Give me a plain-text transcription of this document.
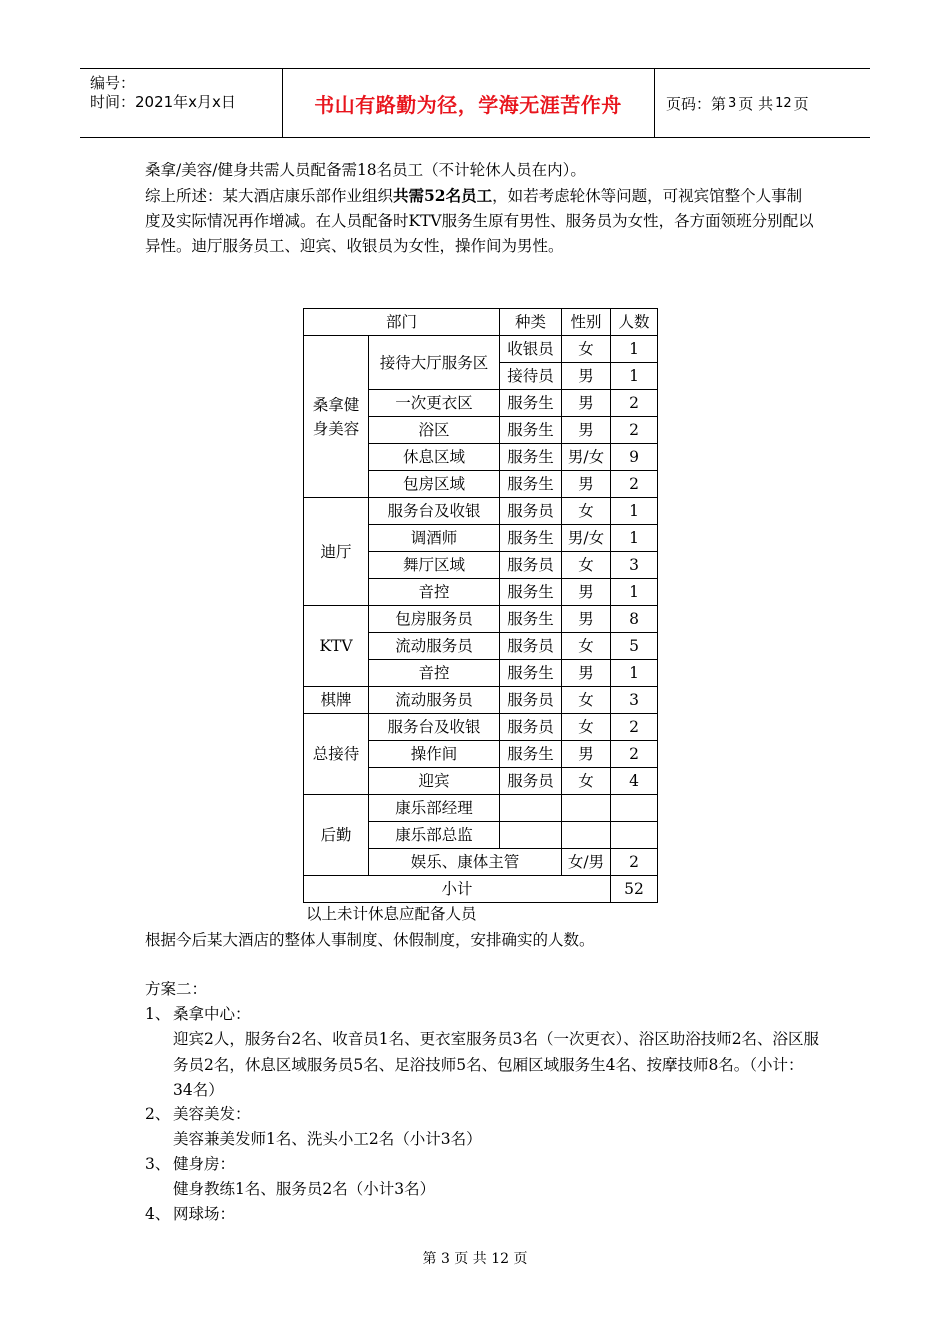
编号：
时间：2021年x月x日	书山有路勤为径，学海无涯苦作舟	页码：第 3 页 共 12 页
桑拿/美容/健身共需人员配备需18名员工（不计轮休人员在内）。
综上所述：某大酒店康乐部作业组织共需52名员工，如若考虑轮休等问题，可视宾馆整个人事制度及实际情况再作增减。在人员配备时KTV服务生原有男性、服务员为女性，各方面领班分别配以异性。迪厅服务员工、迎宾、收银员为女性，操作间为男性。
部门		种类	性别	人数
桑拿健身美容	接待大厅服务区	收银员	女	1
		接待员	男	1
	一次更衣区	服务生	男	2
	浴区	服务生	男	2
	休息区域	服务生	男/女	9
	包房区域	服务生	男	2
迪厅	服务台及收银	服务员	女	1
	调酒师	服务生	男/女	1
	舞厅区域	服务员	女	3
	音控	服务生	男	1
KTV	包房服务员	服务生	男	8
	流动服务员	服务员	女	5
	音控	服务生	男	1
棋牌	流动服务员	服务员	女	3
总接待	服务台及收银	服务员	女	2
	操作间	服务生	男	2
	迎宾	服务员	女	4
后勤	康乐部经理			
	康乐部总监			
	娱乐、康体主管		女/男	2
小计				52
以上未计休息应配备人员
根据今后某大酒店的整体人事制度、休假制度，安排确实的人数。
方案二：
1、 桑拿中心：
迎宾2人，服务台2名、收音员1名、更衣室服务员3名（一次更衣）、浴区助浴技师2名、浴区服务员2名，休息区域服务员5名、足浴技师5名、包厢区域服务生4名、按摩技师8名。（小计：34名）
2、 美容美发：
美容兼美发师1名、洗头小工2名（小计3名）
3、 健身房：
健身教练1名、服务员2名（小计3名）
4、 网球场：
第 3 页 共 12 页
